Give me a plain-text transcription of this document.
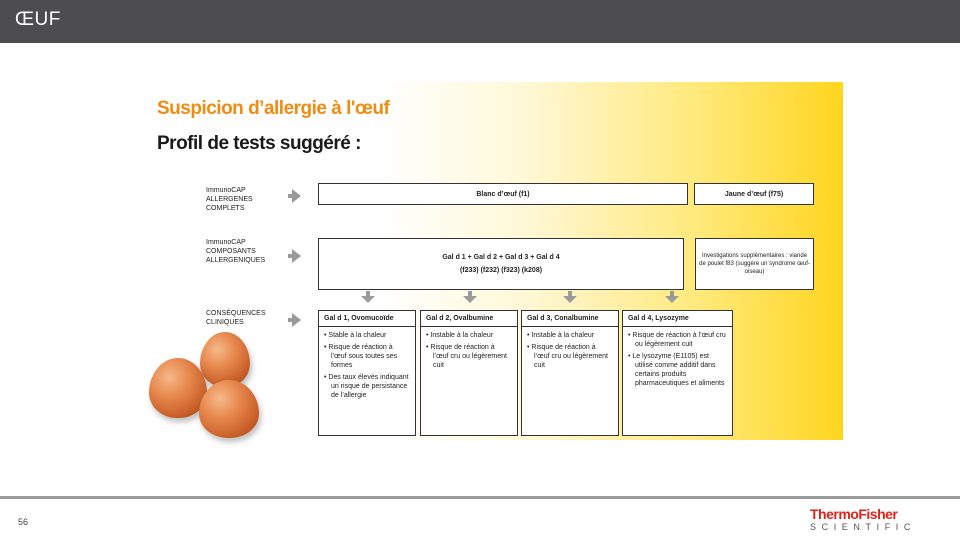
ŒUF
Suspicion d’allergie à l'œuf
Profil de tests suggéré :
ImmunoCAP ALLERGENES COMPLETS
ImmunoCAP COMPOSANTS ALLERGENIQUES
CONSÉQUENCES CLINIQUES
Blanc d’œuf (f1)	Jaune d’œuf (f75)
Gal d 1 + Gal d 2 + Gal d 3 + Gal d 4
(f233) (f232) (f323) (k208)
Investigations supplémentaires : viande de poulet f83 (suggère un syndrome œuf-oiseau)
Gal d 1, Ovomucoïde
• Stable à la chaleur
• Risque de réaction à l’œuf sous toutes ses formes
• Des taux élevés indiquant un risque de persistance de l’allergie
Gal d 2, Ovalbumine
• Instable à la chaleur
• Risque de réaction à l’œuf cru ou légèrement cuit
Gal d 3, Conalbumine
• Instable à la chaleur
• Risque de réaction à l’œuf cru ou légèrement cuit
Gal d 4, Lysozyme
• Risque de réaction à l’œuf cru ou légèrement cuit
• Le lysozyme (E1105) est utilisé comme additif dans certains produits pharmaceutiques et aliments
56	ThermoFisher
SCIENTIFIC
